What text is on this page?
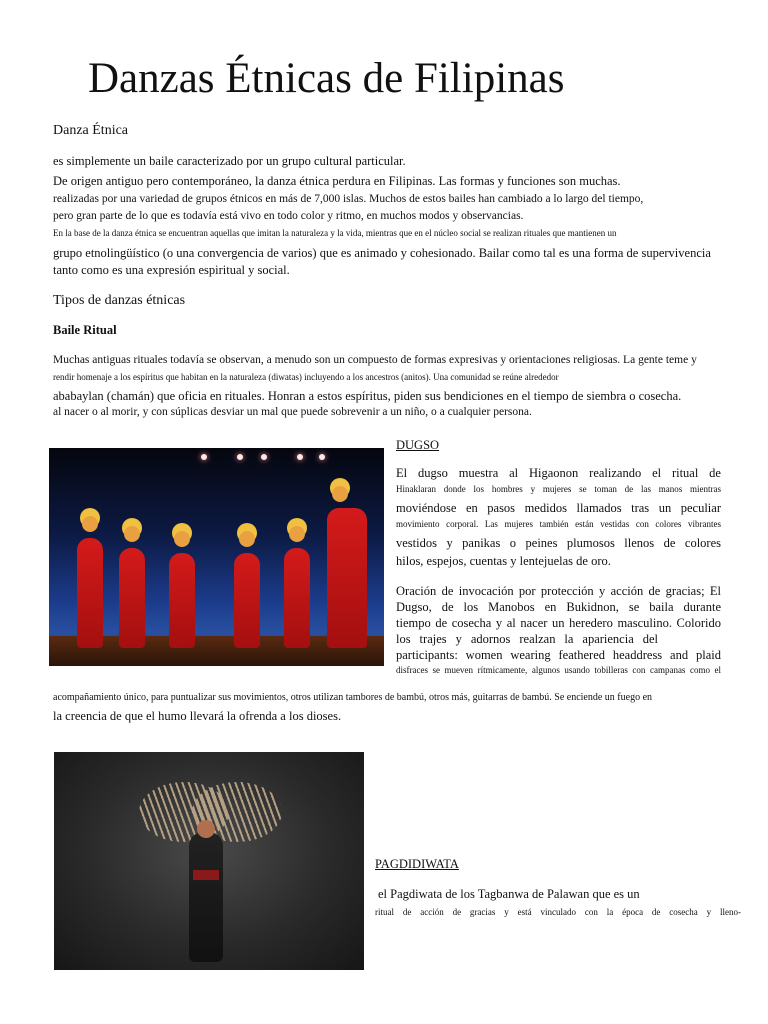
Danzas Étnicas de Filipinas
Danza Étnica
es simplemente un baile caracterizado por un grupo cultural particular.
De origen antiguo pero contemporáneo, la danza étnica perdura en Filipinas. Las formas y funciones son muchas.
realizadas por una variedad de grupos étnicos en más de 7,000 islas. Muchos de estos bailes han cambiado a lo largo del tiempo,
pero gran parte de lo que es todavía está vivo en todo color y ritmo, en muchos modos y observancias.
En la base de la danza étnica se encuentran aquellas que imitan la naturaleza y la vida, mientras que en el núcleo social se realizan rituales que mantienen un
grupo etnolingüístico (o una convergencia de varios) que es animado y cohesionado. Bailar como tal es una forma de supervivencia
tanto como es una expresión espiritual y social.
Tipos de danzas étnicas
Baile Ritual
Muchas antiguas rituales todavía se observan, a menudo son un compuesto de formas expresivas y orientaciones religiosas. La gente teme y
rendir homenaje a los espíritus que habitan en la naturaleza (diwatas) incluyendo a los ancestros (anitos). Una comunidad se reúne alrededor
ababaylan (chamán) que oficia en rituales. Honran a estos espíritus, piden sus bendiciones en el tiempo de siembra o cosecha.
al nacer o al morir, y con súplicas desviar un mal que puede sobrevenir a un niño, o a cualquier persona.
DUGSO
El dugso muestra al Higaonon realizando el ritual de
Hinaklaran donde los hombres y mujeres se toman de las manos mientras
moviéndose en pasos medidos llamados tras un peculiar
movimiento corporal. Las mujeres también están vestidas con colores vibrantes
vestidos y panikas o peines plumosos llenos de colores
hilos, espejos, cuentas y lentejuelas de oro.
Oración de invocación por protección y acción de gracias; El
Dugso, de los Manobos en Bukidnon, se baila durante
tiempo de cosecha y al nacer un heredero masculino. Colorido
los trajes y adornos realzan la apariencia del
participants: women wearing feathered headdress and plaid
disfraces se mueven rítmicamente, algunos usando tobilleras con campanas como el
acompañamiento único, para puntualizar sus movimientos, otros utilizan tambores de bambú, otros más, guitarras de bambú. Se enciende un fuego en
la creencia de que el humo llevará la ofrenda a los dioses.
PAGDIDIWATA
el Pagdiwata de los Tagbanwa de Palawan que es un
ritual de acción de gracias y está vinculado con la época de cosecha y lleno-
